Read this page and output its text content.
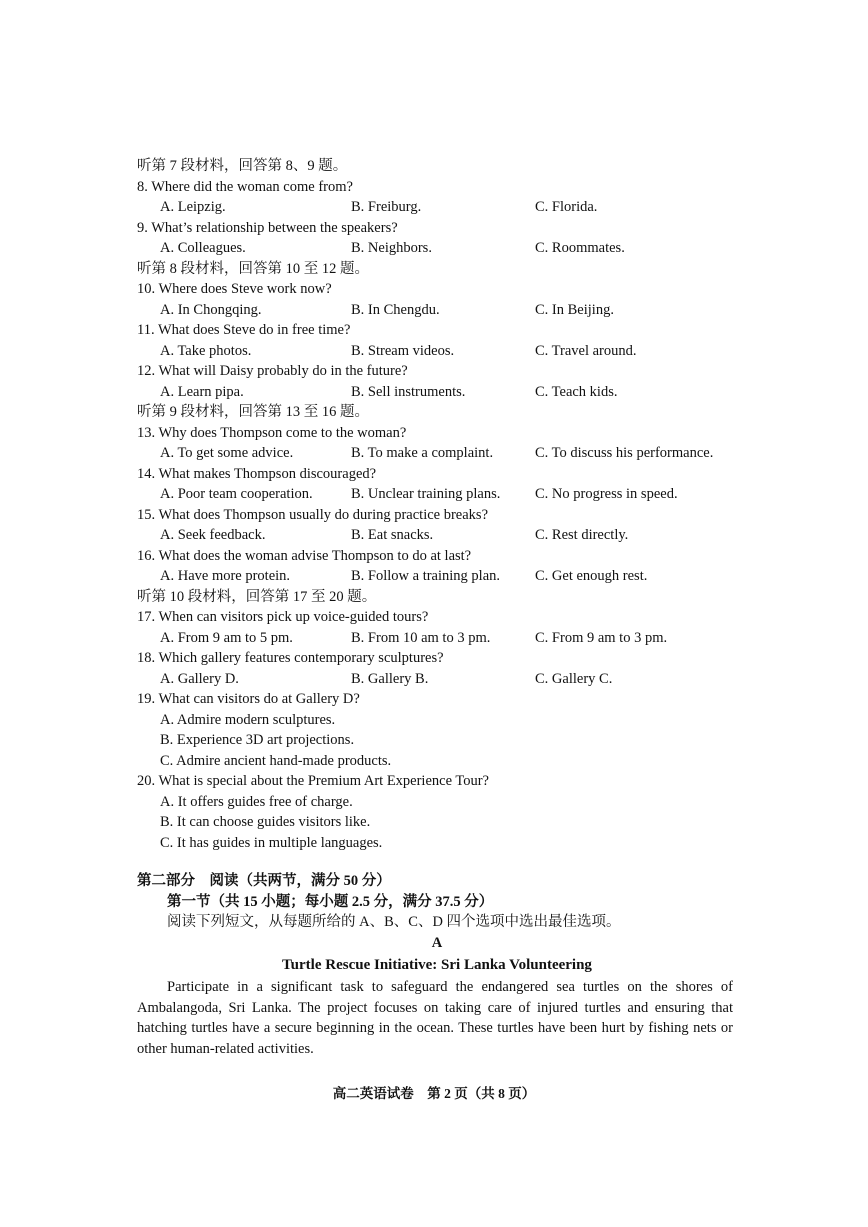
听第 7 段材料，回答第 8、9 题。
8. Where did the woman come from?
A. Leipzig.	B. Freiburg.	C. Florida.
9. What’s relationship between the speakers?
A. Colleagues.	B. Neighbors.	C. Roommates.
听第 8 段材料，回答第 10 至 12 题。
10. Where does Steve work now?
A. In Chongqing.	B. In Chengdu.	C. In Beijing.
11. What does Steve do in free time?
A. Take photos.	B. Stream videos.	C. Travel around.
12. What will Daisy probably do in the future?
A. Learn pipa.	B. Sell instruments.	C. Teach kids.
听第 9 段材料，回答第 13 至 16 题。
13. Why does Thompson come to the woman?
A. To get some advice.	B. To make a complaint.	C. To discuss his performance.
14. What makes Thompson discouraged?
A. Poor team cooperation.	B. Unclear training plans. C. No progress in speed.
15. What does Thompson usually do during practice breaks?
A. Seek feedback.	B. Eat snacks.	C. Rest directly.
16. What does the woman advise Thompson to do at last?
A. Have more protein.	B. Follow a training plan. C. Get enough rest.
听第 10 段材料，回答第 17 至 20 题。
17. When can visitors pick up voice-guided tours?
A. From 9 am to 5 pm.	B. From 10 am to 3 pm.	C. From 9 am to 3 pm.
18. Which gallery features contemporary sculptures?
A. Gallery D.	B. Gallery B.	C. Gallery C.
19. What can visitors do at Gallery D?
A. Admire modern sculptures.
B. Experience 3D art projections.
C. Admire ancient hand-made products.
20. What is special about the Premium Art Experience Tour?
A. It offers guides free of charge.
B. It can choose guides visitors like.
C. It has guides in multiple languages.
第二部分　 阅读（共两节，满分 50 分）
第一节（共 15 小题；每小题 2.5 分，满分 37.5 分）
阅读下列短文，从每题所给的 A、B、C、D 四个选项中选出最佳选项。
A
Turtle Rescue Initiative: Sri Lanka Volunteering
Participate in a significant task to safeguard the endangered sea turtles on the shores of Ambalangoda, Sri Lanka. The project focuses on taking care of injured turtles and ensuring that hatching turtles have a secure beginning in the ocean. These turtles have been hurt by fishing nets or other human-related activities.
高二英语试卷　第 2 页（共 8 页）
